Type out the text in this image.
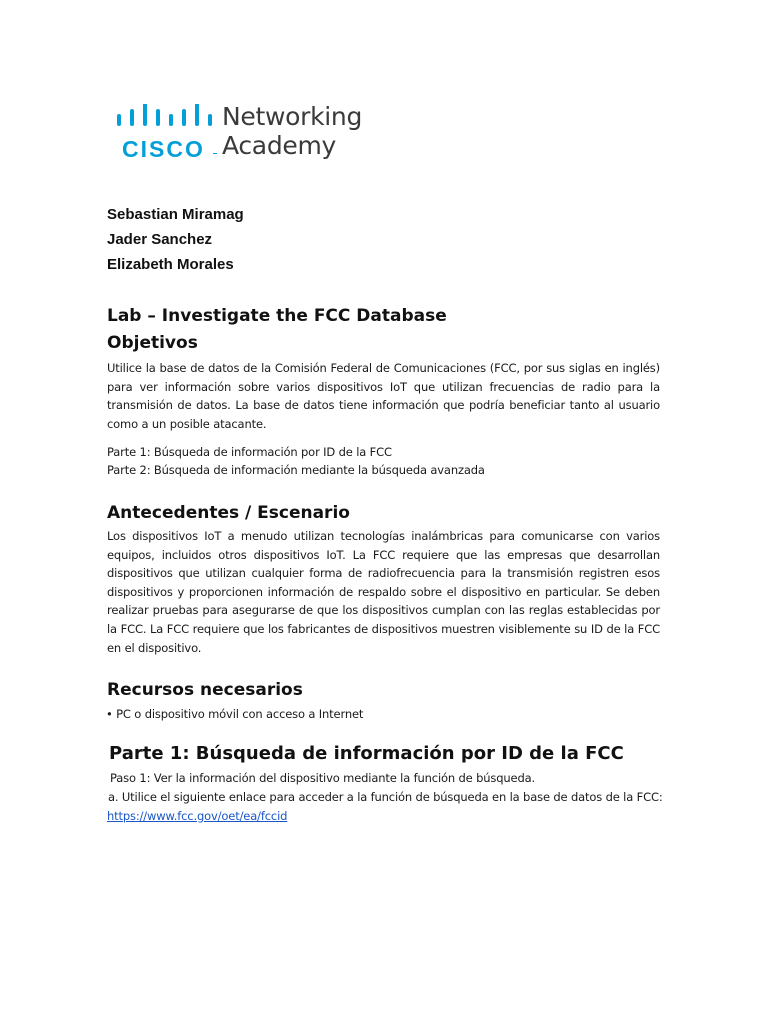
CISCO
Networking
Academy
Sebastian Miramag
Jader Sanchez
Elizabeth Morales
Lab – Investigate the FCC Database
Objetivos
Utilice la base de datos de la Comisión Federal de Comunicaciones (FCC, por sus siglas en inglés) para ver información sobre varios dispositivos IoT que utilizan frecuencias de radio para la transmisión de datos. La base de datos tiene información que podría beneficiar tanto al usuario como a un posible atacante.
Parte 1: Búsqueda de información por ID de la FCC
Parte 2: Búsqueda de información mediante la búsqueda avanzada
Antecedentes / Escenario
Los dispositivos IoT a menudo utilizan tecnologías inalámbricas para comunicarse con varios equipos, incluidos otros dispositivos IoT. La FCC requiere que las empresas que desarrollan dispositivos que utilizan cualquier forma de radiofrecuencia para la transmisión registren esos dispositivos y proporcionen información de respaldo sobre el dispositivo en particular. Se deben realizar pruebas para asegurarse de que los dispositivos cumplan con las reglas establecidas por la FCC. La FCC requiere que los fabricantes de dispositivos muestren visiblemente su ID de la FCC en el dispositivo.
Recursos necesarios
• PC o dispositivo móvil con acceso a Internet
Parte 1: Búsqueda de información por ID de la FCC
Paso 1: Ver la información del dispositivo mediante la función de búsqueda.
a. Utilice el siguiente enlace para acceder a la función de búsqueda en la base de datos de la FCC:
https://www.fcc.gov/oet/ea/fccid
